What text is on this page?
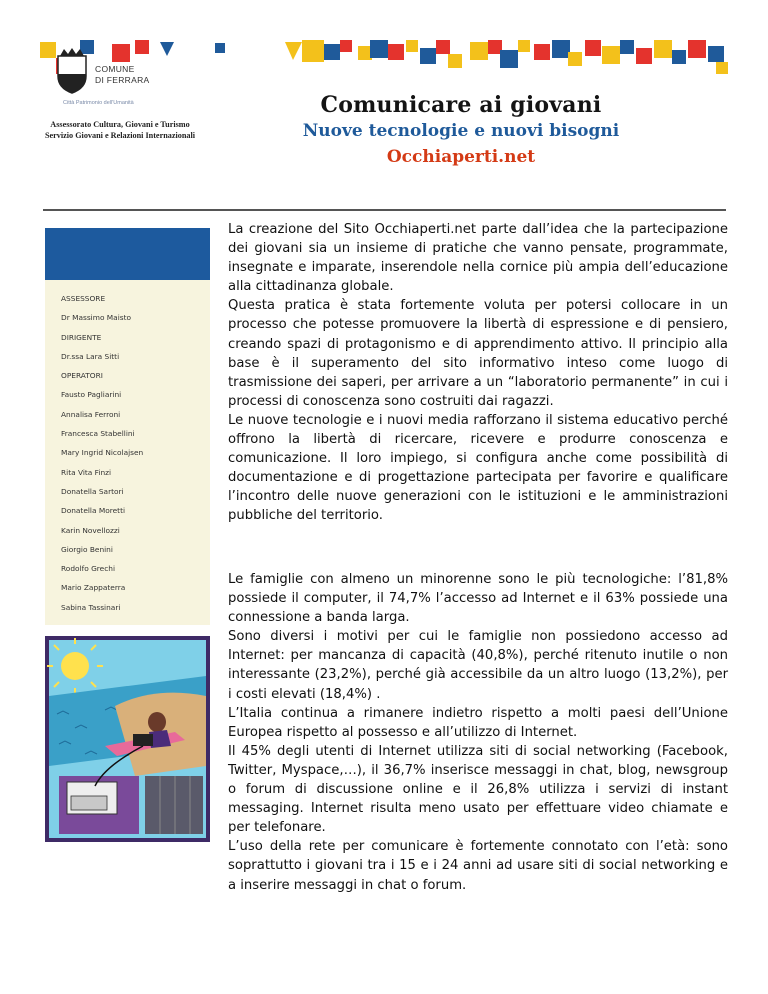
COMUNE
DI FERRARA
Città Patrimonio dell'Umanità
Assessorato Cultura, Giovani e Turismo
Servizio Giovani e Relazioni Internazionali
Comunicare ai giovani
Nuove tecnologie e nuovi bisogni
Occhiaperti.net
ASSESSORE
Dr Massimo Maisto
DIRIGENTE
Dr.ssa Lara Sitti
OPERATORI
Fausto Pagliarini
Annalisa Ferroni
Francesca Stabellini
Mary Ingrid Nicolajsen
Rita Vita Finzi
Donatella Sartori
Donatella Moretti
Karin Novellozzi
Giorgio Benini
Rodolfo Grechi
Mario Zappaterra
Sabina Tassinari

La creazione del Sito Occhiaperti.net parte dall’idea che la partecipazione dei giovani sia un insieme di pratiche che vanno pensate, programmate, insegnate e imparate, inserendole nella cornice più ampia dell’educazione alla cittadinanza globale.

Questa pratica è stata fortemente voluta per potersi collocare in un processo che potesse promuovere la libertà di espressione e di pensiero, creando spazi di protagonismo e di apprendimento attivo. Il principio alla base è il superamento del sito informativo inteso come luogo di trasmissione dei saperi, per arrivare a un “laboratorio permanente” in cui i processi di conoscenza sono costruiti dai ragazzi.

Le nuove tecnologie e i nuovi media rafforzano il sistema educativo perché offrono la libertà di ricercare, ricevere e produrre conoscenza e comunicazione. Il loro impiego, si configura anche come possibilità di documentazione e di progettazione partecipata per favorire e qualificare l’incontro delle nuove generazioni con le istituzioni e le amministrazioni pubbliche del territorio.

Le famiglie con almeno un minorenne sono le più tecnologiche: l’81,8% possiede il computer, il 74,7% l’accesso ad Internet e il 63% possiede una connessione a banda larga.

Sono diversi i motivi per cui le famiglie non possiedono accesso ad Internet: per mancanza di capacità (40,8%), perché ritenuto inutile o non interessante (23,2%), perché già accessibile da un altro luogo (13,2%), per i costi elevati (18,4%) .

L’Italia continua a rimanere indietro rispetto a molti paesi dell’Unione Europea rispetto al possesso e all’utilizzo di Internet.

Il 45% degli utenti di Internet utilizza siti di social networking (Facebook, Twitter, Myspace,…), il 36,7% inserisce messaggi in chat, blog, newsgroup o forum di discussione online e il 26,8% utilizza i servizi di instant messaging. Internet risulta meno usato per effettuare video chiamate e per telefonare.

L’uso della rete per comunicare è fortemente connotato con l’età: sono soprattutto i giovani tra i 15 e i 24 anni ad usare siti di social networking e a inserire messaggi in chat o forum.
